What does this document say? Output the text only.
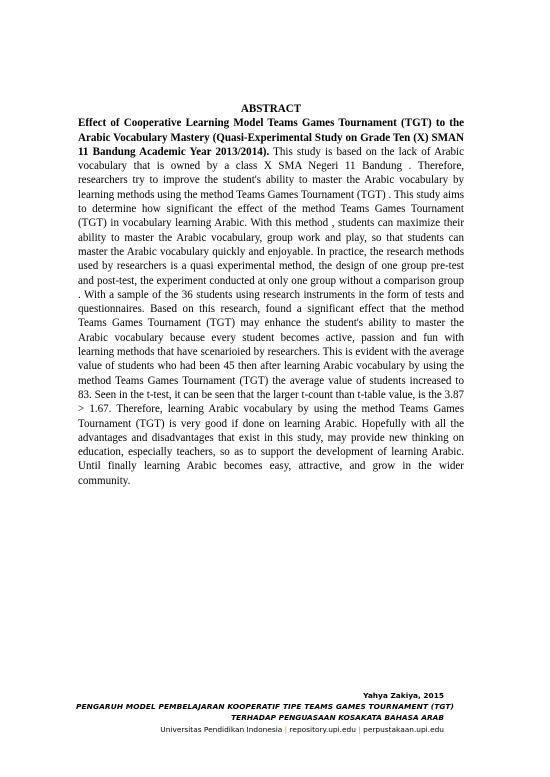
ABSTRACT

Effect of Cooperative Learning Model Teams Games Tournament (TGT) to the Arabic Vocabulary Mastery (Quasi-Experimental Study on Grade Ten (X) SMAN 11 Bandung Academic Year 2013/2014). This study is based on the lack of Arabic vocabulary that is owned by a class X SMA Negeri 11 Bandung . Therefore, researchers try to improve the student's ability to master the Arabic vocabulary by learning methods using the method Teams Games Tournament (TGT) . This study aims to determine how significant the effect of the method Teams Games Tournament (TGT) in vocabulary learning Arabic. With this method , students can maximize their ability to master the Arabic vocabulary, group work and play, so that students can master the Arabic vocabulary quickly and enjoyable. In practice, the research methods used by researchers is a quasi experimental method, the design of one group pre-test and post-test, the experiment conducted at only one group without a comparison group . With a sample of the 36 students using research instruments in the form of tests and questionnaires. Based on this research, found a significant effect that the method Teams Games Tournament (TGT) may enhance the student's ability to master the Arabic vocabulary because every student becomes active, passion and fun with learning methods that have scenarioied by researchers. This is evident with the average value of students who had been 45 then after learning Arabic vocabulary by using the method Teams Games Tournament (TGT) the average value of students increased to 83. Seen in the t-test, it can be seen that the larger t-count than t-table value, is the 3.87 > 1.67. Therefore, learning Arabic vocabulary by using the method Teams Games Tournament (TGT) is very good if done on learning Arabic. Hopefully with all the advantages and disadvantages that exist in this study, may provide new thinking on education, especially teachers, so as to support the development of learning Arabic. Until finally learning Arabic becomes easy, attractive, and grow in the wider community.

Yahya Zakiya, 2015
PENGARUH MODEL PEMBELAJARAN KOOPERATIF TIPE TEAMS GAMES TOURNAMENT (TGT)
TERHADAP PENGUASAAN KOSAKATA BAHASA ARAB
Universitas Pendidikan Indonesia | repository.upi.edu | perpustakaan.upi.edu
